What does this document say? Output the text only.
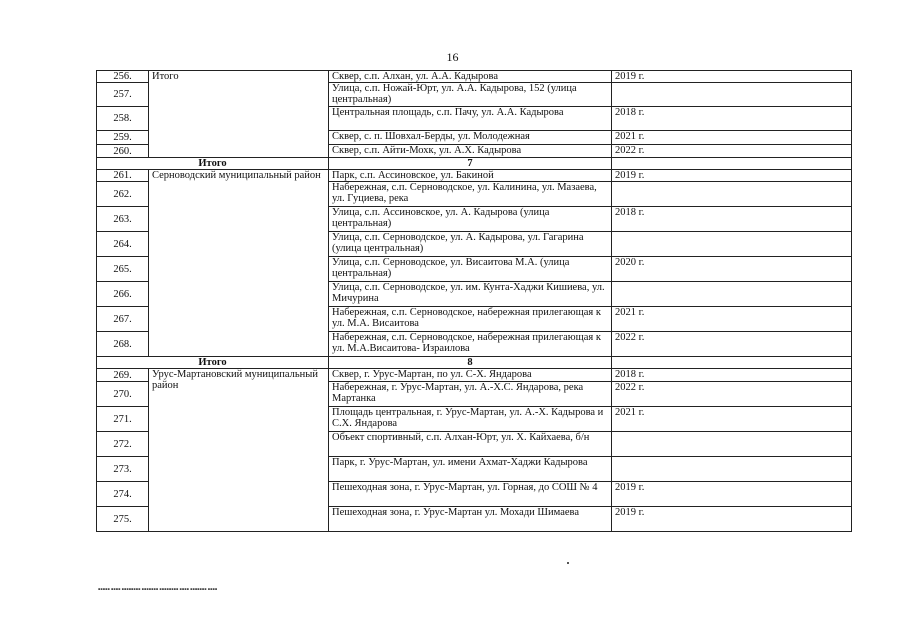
16
256.	Итого	Сквер, с.п. Алхан, ул. А.А. Кадырова	2019 г.
257.		Улица, с.п. Ножай-Юрт, ул. А.А. Кадырова, 152 (улица центральная)	
258.		Центральная площадь, с.п. Пачу, ул. А.А. Кадырова	2018 г.
259.		Сквер, с. п. Шовхал-Берды, ул. Молодежная	2021 г.
260.		Сквер, с.п. Айти-Мохк, ул. А.Х. Кадырова	2022 г.
Итого		7	
261.	Серноводский муниципальный район	Парк, с.п. Ассиновское, ул. Бакиной	2019 г.
262.		Набережная, с.п. Серноводское, ул. Калинина, ул. Мазаева, ул. Гуциева, река	
263.		Улица, с.п. Ассиновское, ул. А. Кадырова (улица центральная)	2018 г.
264.		Улица, с.п. Серноводское, ул. А. Кадырова, ул. Гагарина (улица центральная)	
265.		Улица, с.п. Серноводское, ул. Висаитова М.А. (улица центральная)	2020 г.
266.		Улица, с.п. Серноводское, ул. им. Кунта-Хаджи Кишиева, ул. Мичурина	
267.		Набережная, с.п. Серноводское, набережная прилегающая к ул. М.А. Висаитова	2021 г.
268.		Набережная, с.п. Серноводское, набережная прилегающая к ул. М.А.Висаитова- Израилова	2022 г.
Итого		8	
269.	Урус-Мартановский муниципальный район	Сквер, г. Урус-Мартан, по ул. С-Х. Яндарова	2018 г.
270.		Набережная, г. Урус-Мартан, ул. А.-Х.С. Яндарова, река Мартанка	2022 г.
271.		Площадь центральная, г. Урус-Мартан, ул. А.-Х. Кадырова и С.Х. Яндарова	2021 г.
272.		Объект спортивный, с.п. Алхан-Юрт, ул. Х. Кайхаева, б/н	
273.		Парк, г. Урус-Мартан, ул. имени Ахмат-Хаджи Кадырова	
274.		Пешеходная зона, г. Урус-Мартан, ул. Горная, до СОШ № 4	2019 г.
275.		Пешеходная зона, г. Урус-Мартан ул. Мохади Шимаева	2019 г.
▪▪▪▪▪ ▪▪▪▪ ▪▪▪▪▪▪▪▪ ▪▪▪▪▪▪▪ ▪▪▪▪▪▪▪▪ ▪▪▪▪ ▪▪▪▪▪▪▪ ▪▪▪▪
